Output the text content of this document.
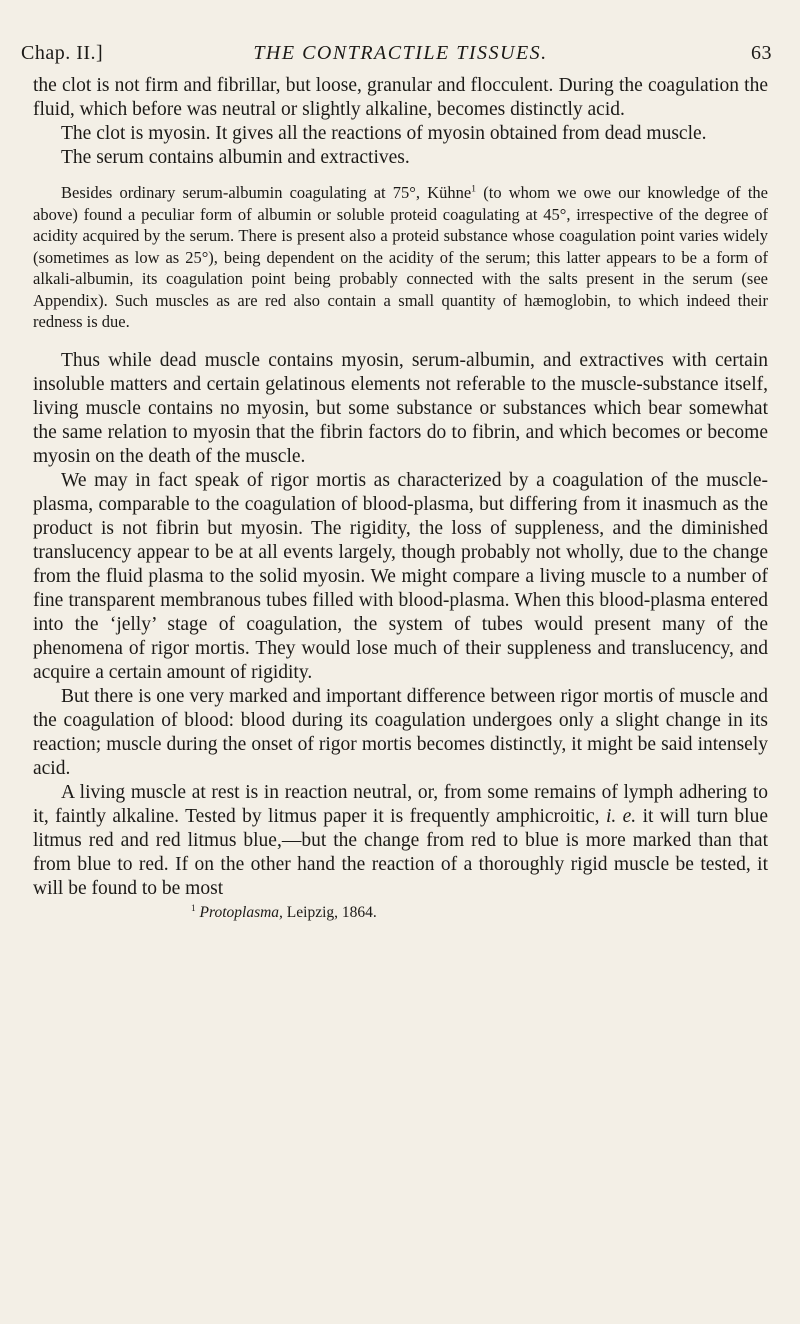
Chap. II.]	THE CONTRACTILE TISSUES.	63

the clot is not firm and fibrillar, but loose, granular and flocculent. During the coagulation the fluid, which before was neutral or slightly alkaline, becomes distinctly acid.

The clot is myosin. It gives all the reactions of myosin obtained from dead muscle.

The serum contains albumin and extractives.

Besides ordinary serum-albumin coagulating at 75°, Kühne$^1$ (to whom we owe our knowledge of the above) found a peculiar form of albumin or soluble proteid coagulating at 45°, irrespective of the degree of acidity acquired by the serum. There is present also a proteid substance whose coagulation point varies widely (sometimes as low as 25°), being dependent on the acidity of the serum; this latter appears to be a form of alkali-albumin, its coagulation point being probably connected with the salts present in the serum (see Appendix). Such muscles as are red also contain a small quantity of hæmoglobin, to which indeed their redness is due.

Thus while dead muscle contains myosin, serum-albumin, and extractives with certain insoluble matters and certain gelatinous elements not referable to the muscle-substance itself, living muscle contains no myosin, but some substance or substances which bear somewhat the same relation to myosin that the fibrin factors do to fibrin, and which becomes or become myosin on the death of the muscle.

We may in fact speak of rigor mortis as characterized by a coagulation of the muscle-plasma, comparable to the coagulation of blood-plasma, but differing from it inasmuch as the product is not fibrin but myosin. The rigidity, the loss of suppleness, and the diminished translucency appear to be at all events largely, though probably not wholly, due to the change from the fluid plasma to the solid myosin. We might compare a living muscle to a number of fine transparent membranous tubes filled with blood-plasma. When this blood-plasma entered into the ‘jelly’ stage of coagulation, the system of tubes would present many of the phenomena of rigor mortis. They would lose much of their suppleness and translucency, and acquire a certain amount of rigidity.

But there is one very marked and important difference between rigor mortis of muscle and the coagulation of blood: blood during its coagulation undergoes only a slight change in its reaction; muscle during the onset of rigor mortis becomes distinctly, it might be said intensely acid.

A living muscle at rest is in reaction neutral, or, from some remains of lymph adhering to it, faintly alkaline. Tested by litmus paper it is frequently amphicroitic, i. e. it will turn blue litmus red and red litmus blue,—but the change from red to blue is more marked than that from blue to red. If on the other hand the reaction of a thoroughly rigid muscle be tested, it will be found to be most

$^1$ Protoplasma, Leipzig, 1864.
